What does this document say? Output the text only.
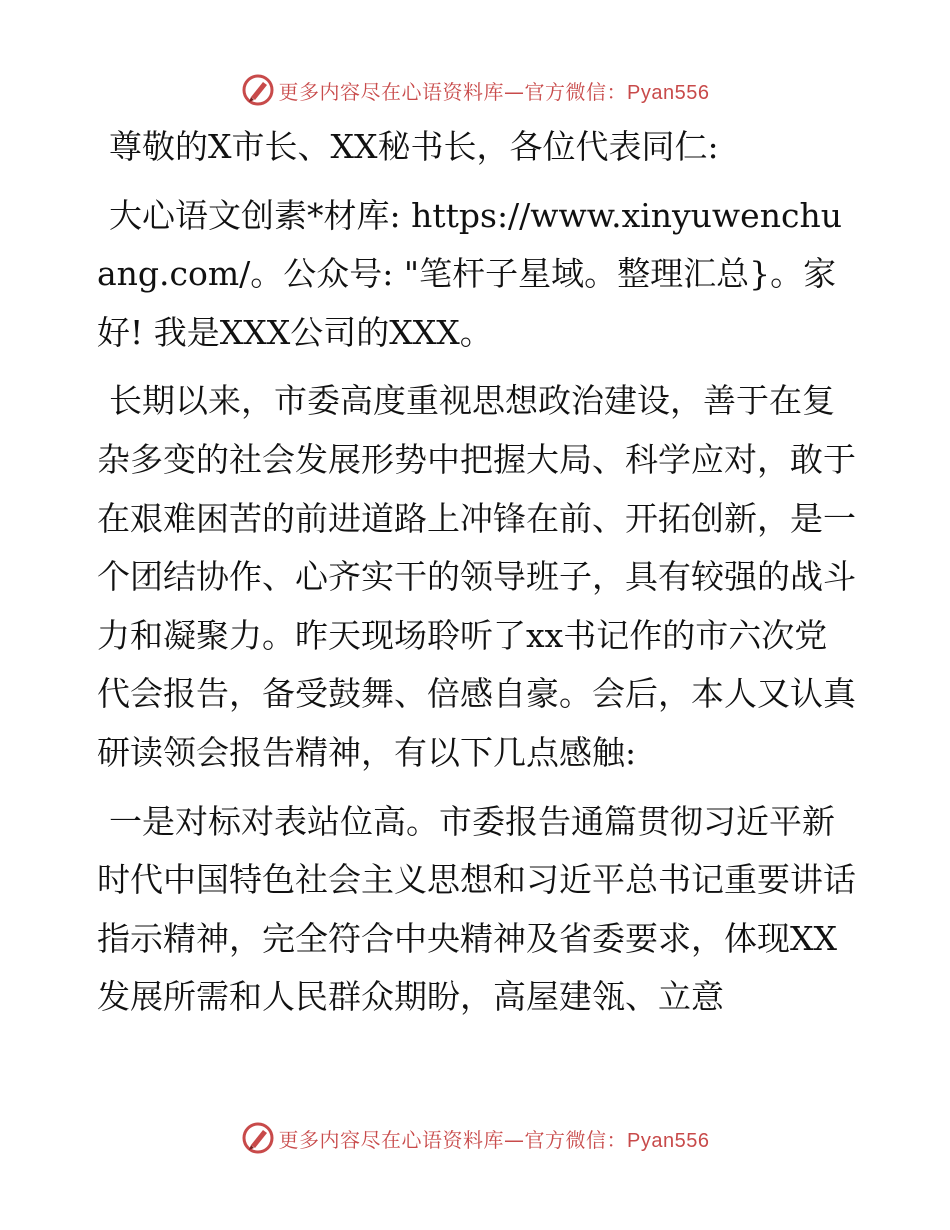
更多内容尽在心语资料库—官方微信：Pyan556

尊敬的X市长、XX秘书长，各位代表同仁:

大心语文创素*材库: https://www.xinyuwenchuang.com/。公众号: "笔杆子星域。整理汇总}。家好! 我是XXX公司的XXX。

长期以来，市委高度重视思想政治建设，善于在复杂多变的社会发展形势中把握大局、科学应对，敢于在艰难困苦的前进道路上冲锋在前、开拓创新，是一个团结协作、心齐实干的领导班子，具有较强的战斗力和凝聚力。昨天现场聆听了xx书记作的市六次党代会报告，备受鼓舞、倍感自豪。会后，本人又认真研读领会报告精神，有以下几点感触:

一是对标对表站位高。市委报告通篇贯彻习近平新时代中国特色社会主义思想和习近平总书记重要讲话指示精神，完全符合中央精神及省委要求，体现XX发展所需和人民群众期盼，高屋建瓴、立意

更多内容尽在心语资料库—官方微信：Pyan556
